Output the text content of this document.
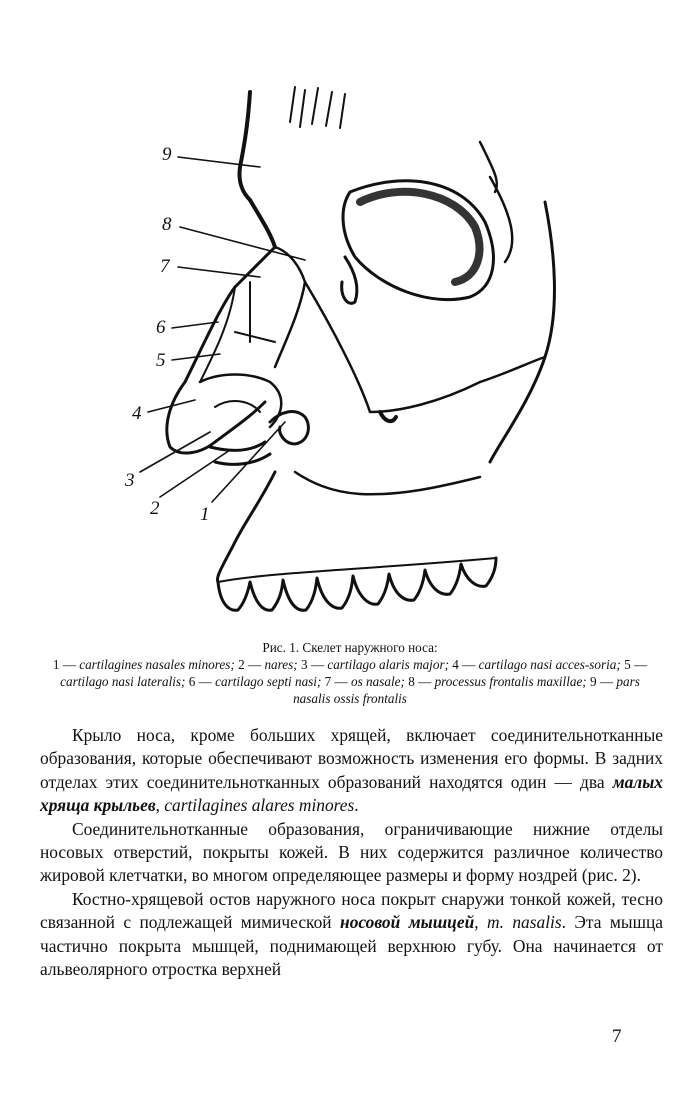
9
8
7
6
5
4
3
2 1
Рис. 1. Скелет наружного носа:
1 — cartilagines nasales minores; 2 — nares; 3 — cartilago alaris major; 4 — cartilago nasi acces-soria; 5 — cartilago nasi lateralis; 6 — cartilago septi nasi; 7 — os nasale; 8 — processus frontalis maxillae; 9 — pars nasalis ossis frontalis

Крыло носа, кроме больших хрящей, включает соединительнотканные образования, которые обеспечивают возможность изменения его формы. В задних отделах этих соединительнотканных образований находятся один — два малых хряща крыльев, cartilagines alares minores.

Соединительнотканные образования, ограничивающие нижние отделы носовых отверстий, покрыты кожей. В них содержится различное количество жировой клетчатки, во многом определяющее размеры и форму ноздрей (рис. 2).

Костно-хрящевой остов наружного носа покрыт снаружи тонкой кожей, тесно связанной с подлежащей мимической носовой мышцей, m. nasalis. Эта мышца частично покрыта мышцей, поднимающей верхнюю губу. Она начинается от альвеолярного отростка верхней

7
